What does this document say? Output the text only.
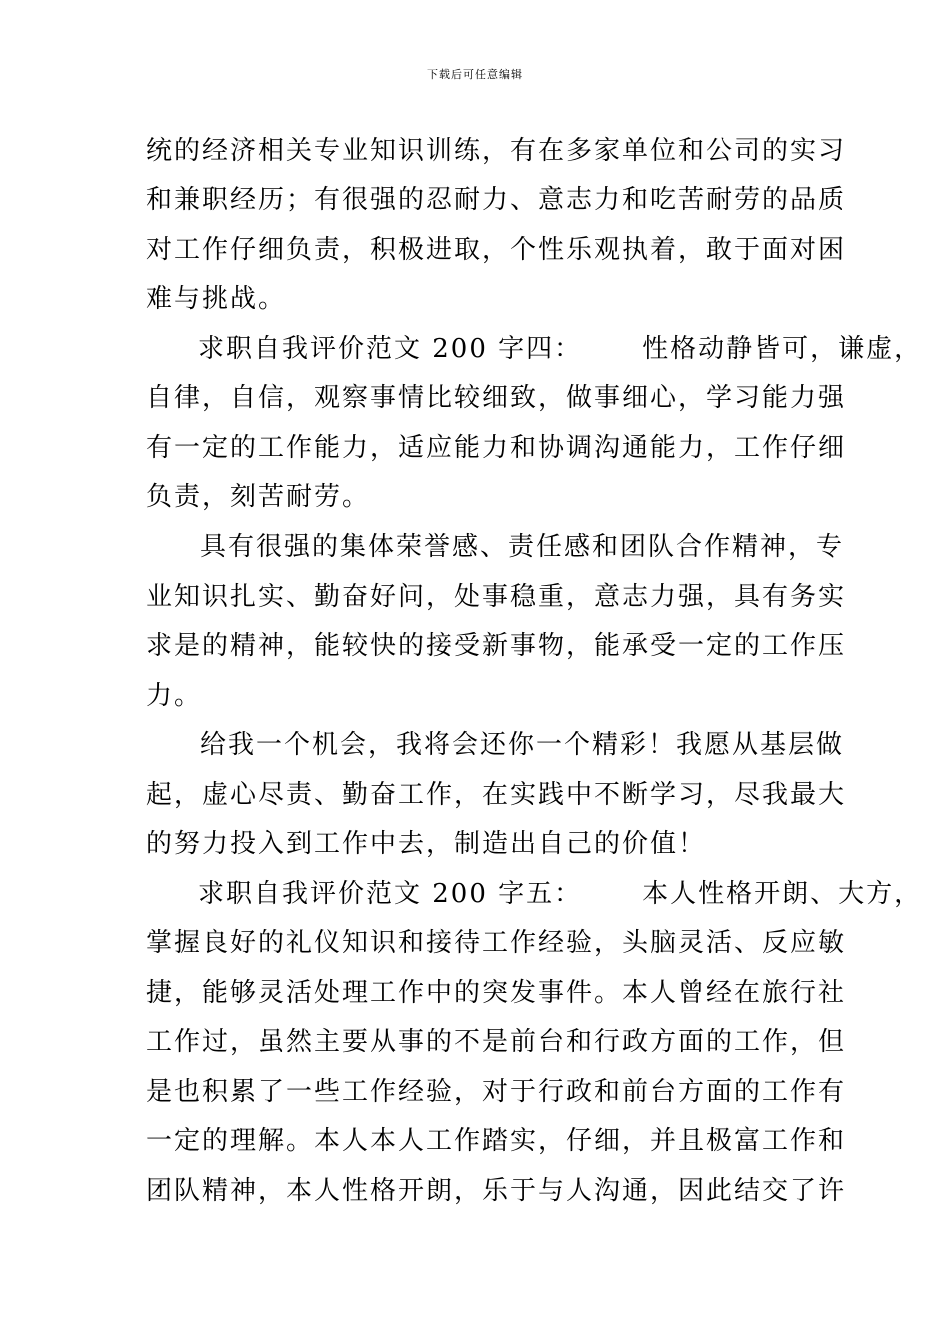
下载后可任意编辑
统的经济相关专业知识训练，有在多家单位和公司的实习
和兼职经历；有很强的忍耐力、意志力和吃苦耐劳的品质
对工作仔细负责，积极进取，个性乐观执着，敢于面对困
难与挑战。
求职自我评价范文 200 字四： 性格动静皆可，谦虚，
自律，自信，观察事情比较细致，做事细心，学习能力强
有一定的工作能力，适应能力和协调沟通能力，工作仔细
负责，刻苦耐劳。
具有很强的集体荣誉感、责任感和团队合作精神，专
业知识扎实、勤奋好问，处事稳重，意志力强，具有务实
求是的精神，能较快的接受新事物，能承受一定的工作压
力。
给我一个机会，我将会还你一个精彩！我愿从基层做
起，虚心尽责、勤奋工作，在实践中不断学习，尽我最大
的努力投入到工作中去，制造出自己的价值！
求职自我评价范文 200 字五： 本人性格开朗、大方，
掌握良好的礼仪知识和接待工作经验，头脑灵活、反应敏
捷，能够灵活处理工作中的突发事件。本人曾经在旅行社
工作过，虽然主要从事的不是前台和行政方面的工作，但
是也积累了一些工作经验，对于行政和前台方面的工作有
一定的理解。本人本人工作踏实，仔细，并且极富工作和
团队精神，本人性格开朗，乐于与人沟通，因此结交了许
